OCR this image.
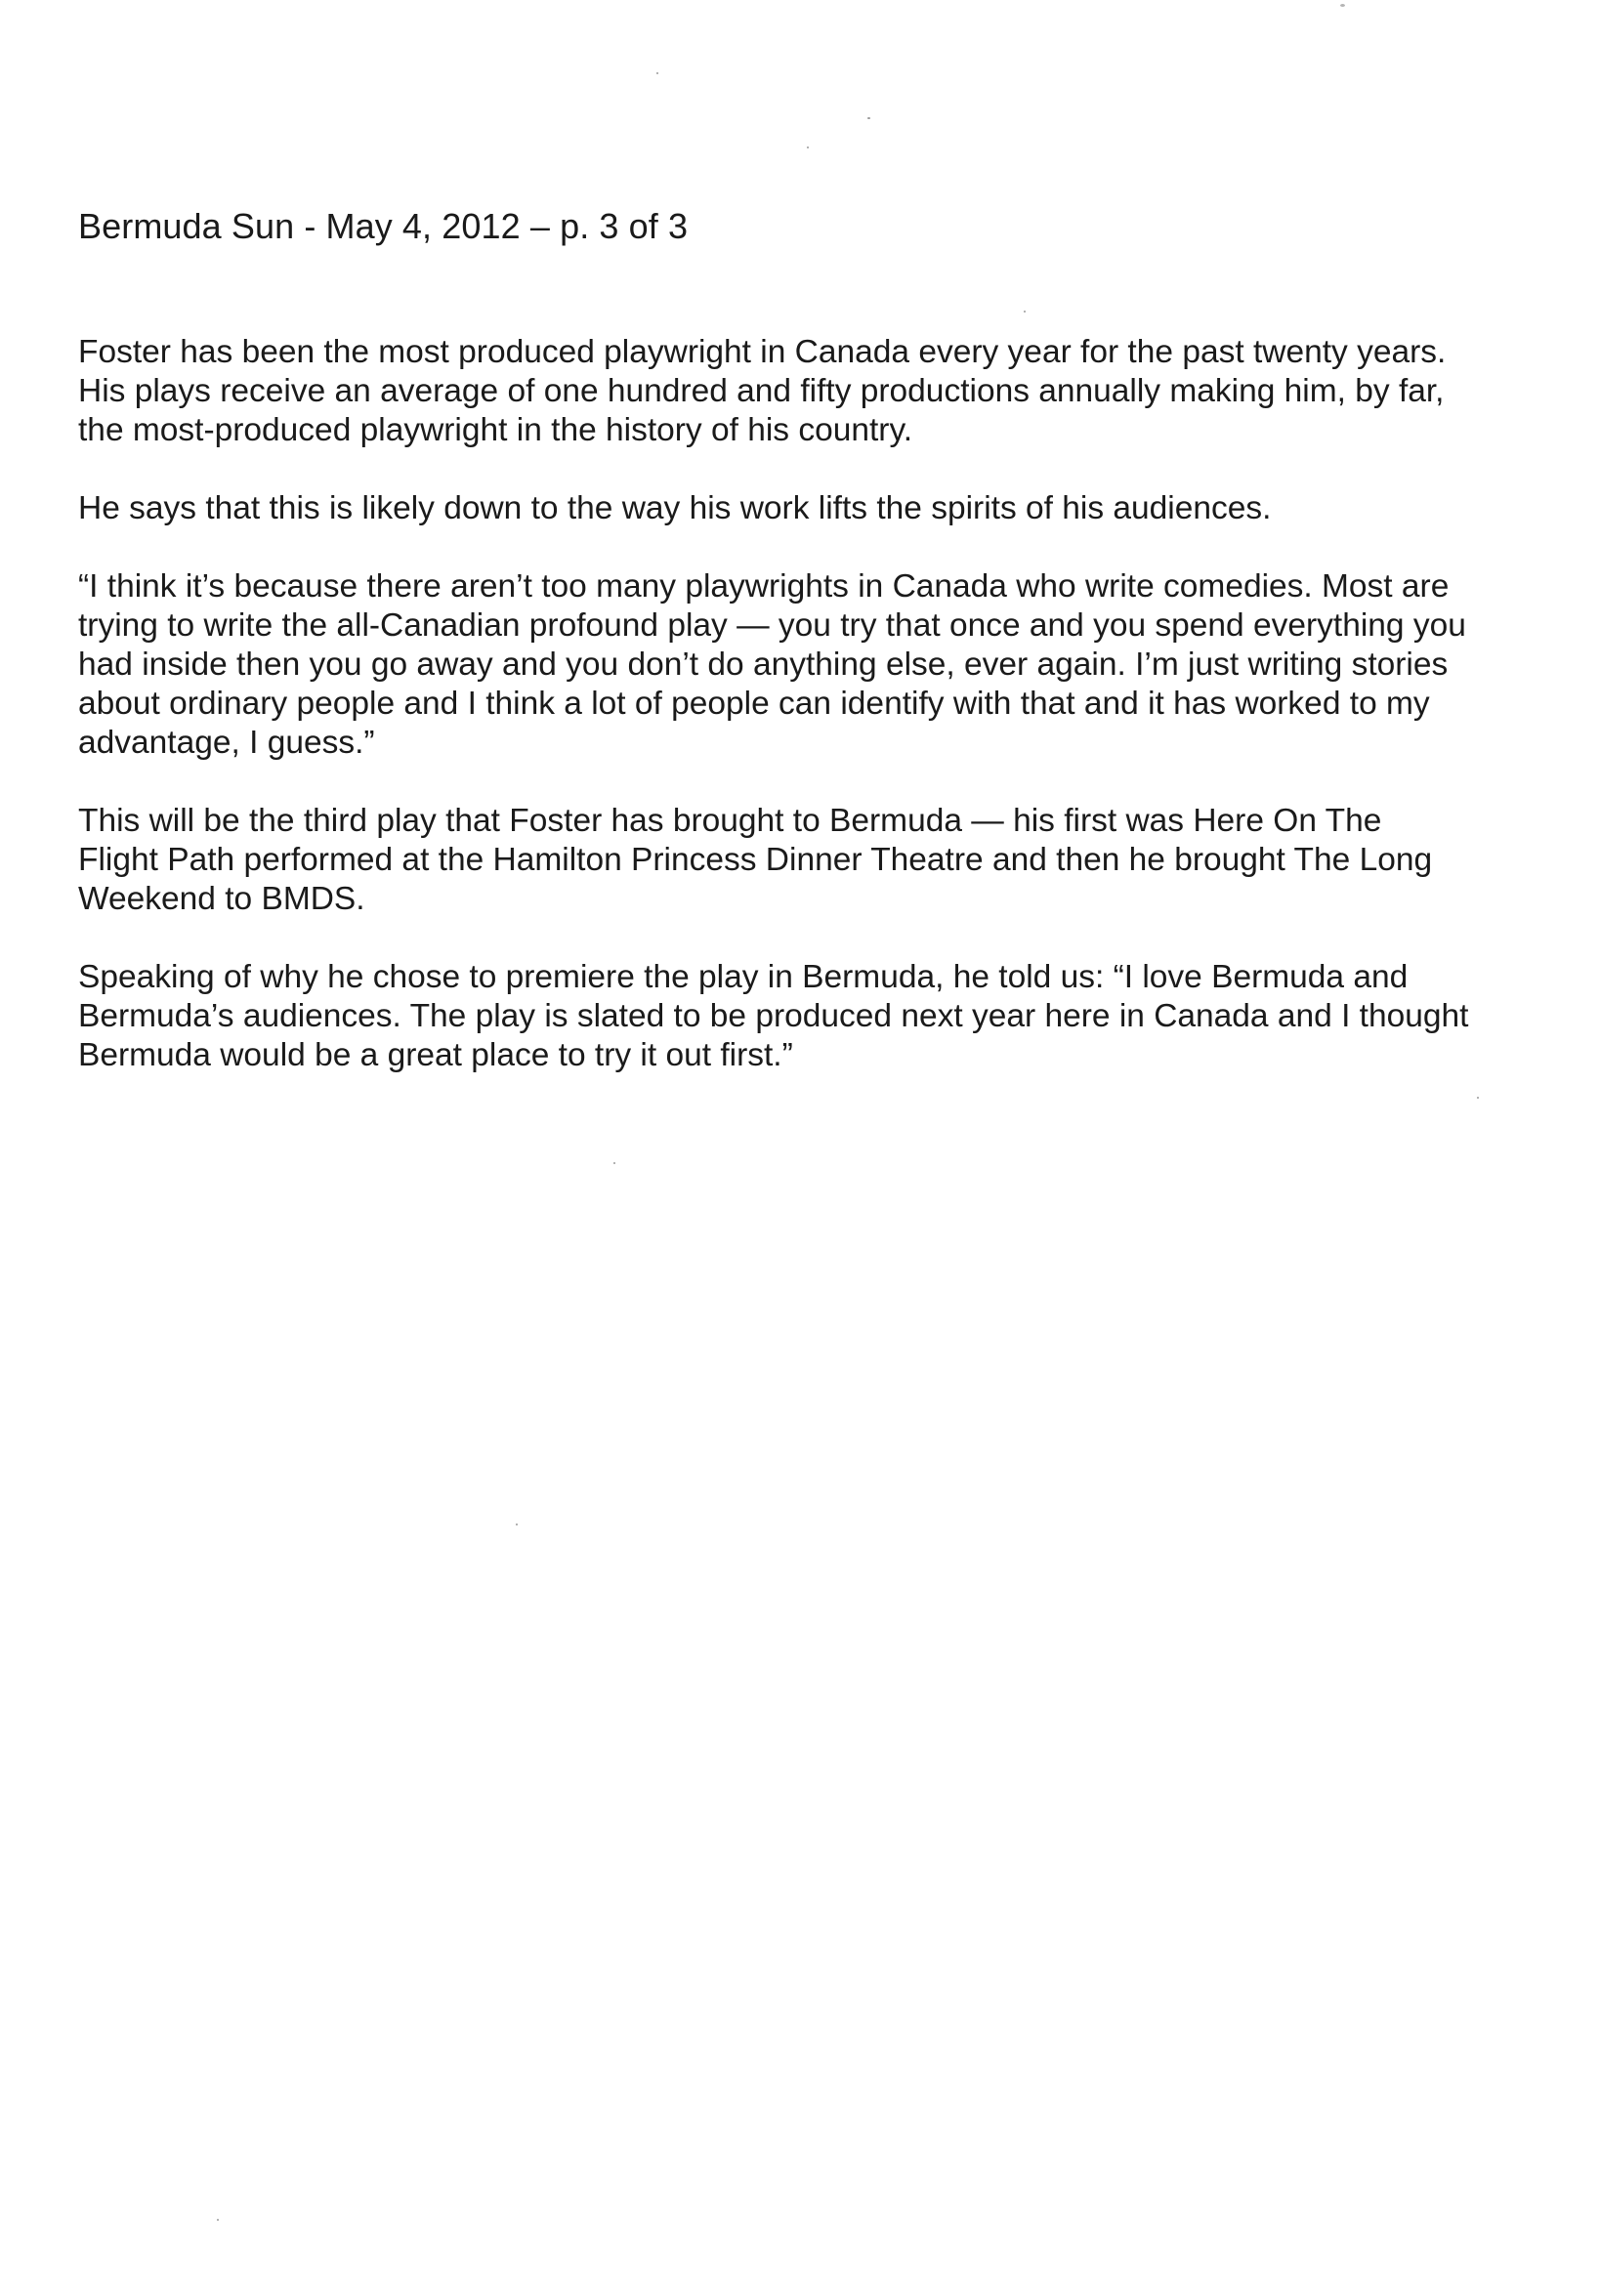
Bermuda Sun - May 4, 2012 – p. 3 of 3

Foster has been the most produced playwright in Canada every year for the past twenty years.
His plays receive an average of one hundred and fifty productions annually making him, by far,
the most-produced playwright in the history of his country.

He says that this is likely down to the way his work lifts the spirits of his audiences.

“I think it’s because there aren’t too many playwrights in Canada who write comedies. Most are
trying to write the all-Canadian profound play — you try that once and you spend everything you
had inside then you go away and you don’t do anything else, ever again. I’m just writing stories
about ordinary people and I think a lot of people can identify with that and it has worked to my
advantage, I guess.”

This will be the third play that Foster has brought to Bermuda — his first was Here On The
Flight Path performed at the Hamilton Princess Dinner Theatre and then he brought The Long
Weekend to BMDS.

Speaking of why he chose to premiere the play in Bermuda, he told us: “I love Bermuda and
Bermuda’s audiences. The play is slated to be produced next year here in Canada and I thought
Bermuda would be a great place to try it out first.”
